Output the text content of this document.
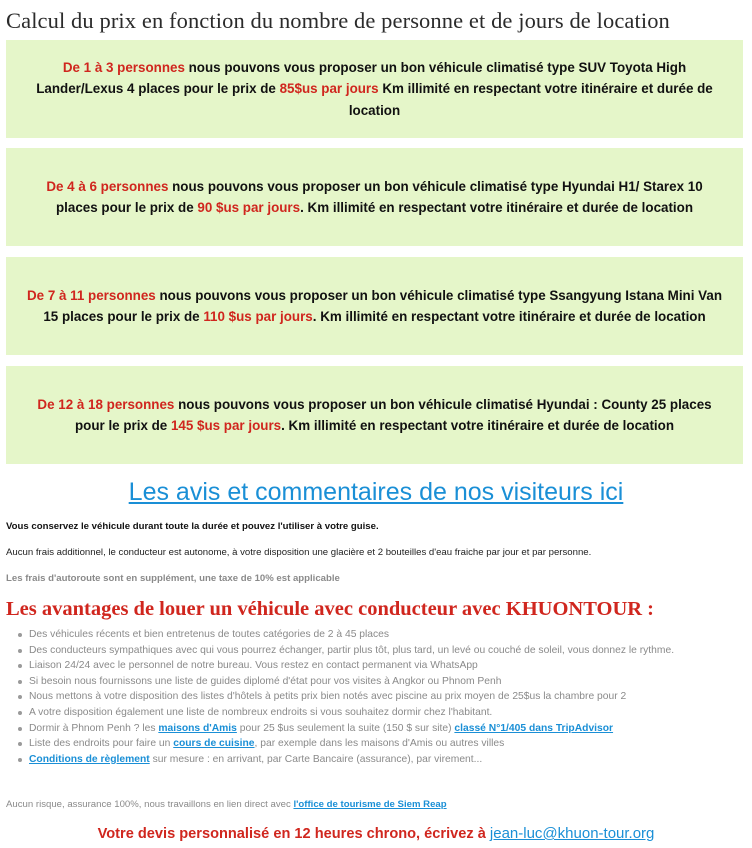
Calcul du prix en fonction du nombre de personne et de jours de location

De 1 à 3 personnes nous pouvons vous proposer un bon véhicule climatisé type SUV Toyota High Lander/Lexus 4 places pour le prix de 85$us par jours Km illimité en respectant votre itinéraire et durée de location

De 4 à 6 personnes nous pouvons vous proposer un bon véhicule climatisé type Hyundai H1/ Starex 10 places pour le prix de 90 $us par jours. Km illimité en respectant votre itinéraire et durée de location

De 7 à 11 personnes nous pouvons vous proposer un bon véhicule climatisé type Ssangyung Istana Mini Van 15 places pour le prix de 110 $us par jours. Km illimité en respectant votre itinéraire et durée de location

De 12 à 18 personnes nous pouvons vous proposer un bon véhicule climatisé Hyundai : County 25 places pour le prix de 145 $us par jours. Km illimité en respectant votre itinéraire et durée de location

Les avis et commentaires de nos visiteurs ici
Vous conservez le véhicule durant toute la durée et pouvez l'utiliser à votre guise.
Aucun frais additionnel, le conducteur est autonome, à votre disposition une glacière et 2 bouteilles d'eau fraiche par jour et par personne.
Les frais d'autoroute sont en supplément, une taxe de 10% est applicable
Les avantages de louer un véhicule avec conducteur avec KHUONTOUR :
Des véhicules récents et bien entretenus de toutes catégories de 2 à 45 places
Des conducteurs sympathiques avec qui vous pourrez échanger, partir plus tôt, plus tard, un levé ou couché de soleil, vous donnez le rythme.
Liaison 24/24 avec le personnel de notre bureau. Vous restez en contact permanent via WhatsApp
Si besoin nous fournissons une liste de guides diplomé d'état pour vos visites à Angkor ou Phnom Penh
Nous mettons à votre disposition des listes d'hôtels à petits prix bien notés avec piscine au prix moyen de 25$us la chambre pour 2
A votre disposition également une liste de nombreux endroits si vous souhaitez dormir chez l'habitant.
Dormir à Phnom Penh ? les maisons d'Amis pour 25 $us seulement la suite (150 $ sur site) classé N°1/405 dans TripAdvisor
Liste des endroits pour faire un cours de cuisine, par exemple dans les maisons d'Amis ou autres villes
Conditions de règlement sur mesure : en arrivant, par Carte Bancaire (assurance), par virement...
Aucun risque, assurance 100%, nous travaillons en lien direct avec l'office de tourisme de Siem Reap
Votre devis personnalisé en 12 heures chrono, écrivez à jean-luc@khuon-tour.org
